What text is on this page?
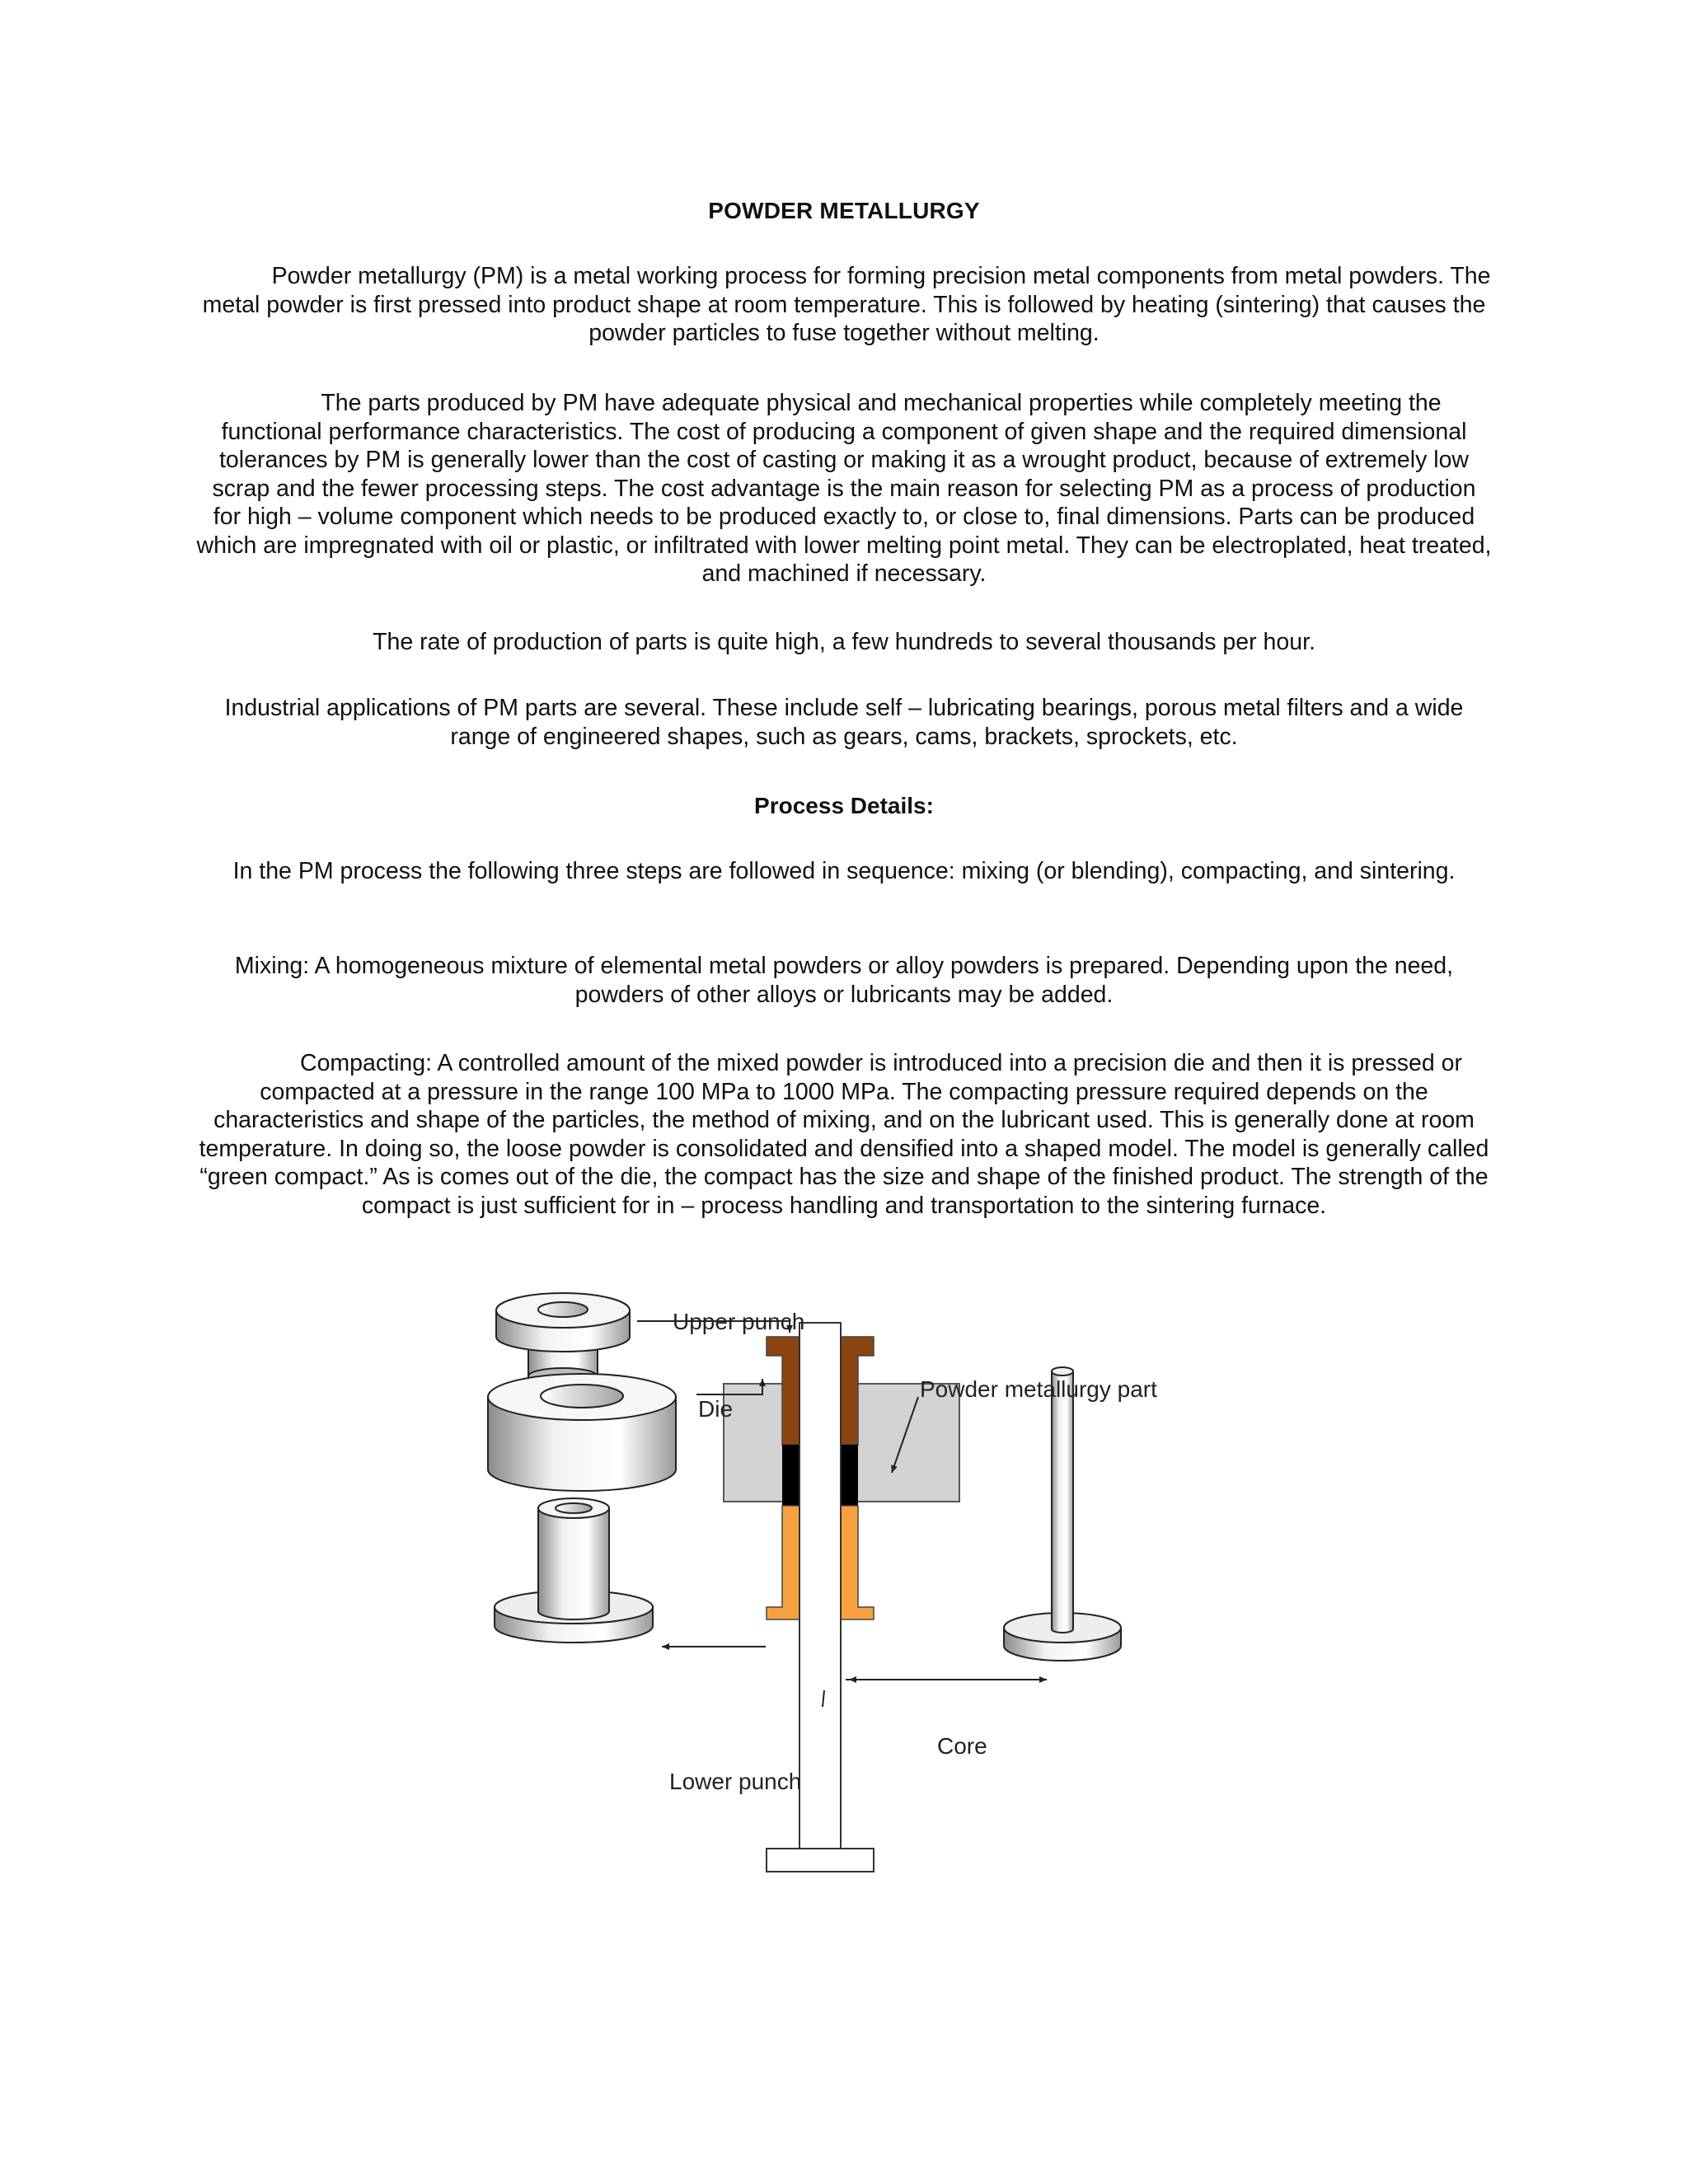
POWDER METALLURGY
Powder metallurgy (PM) is a metal working process for forming precision metal components from metal powders. The metal powder is first pressed into product shape at room temperature. This is followed by heating (sintering) that causes the powder particles to fuse together without melting.
The parts produced by PM have adequate physical and mechanical properties while completely meeting the functional performance characteristics. The cost of producing a component of given shape and the required dimensional tolerances by PM is generally lower than the cost of casting or making it as a wrought product, because of extremely low scrap and the fewer processing steps. The cost advantage is the main reason for selecting PM as a process of production for high – volume component which needs to be produced exactly to, or close to, final dimensions. Parts can be produced which are impregnated with oil or plastic, or infiltrated with lower melting point metal. They can be electroplated, heat treated, and machined if necessary.
The rate of production of parts is quite high, a few hundreds to several thousands per hour.
Industrial applications of PM parts are several. These include self – lubricating bearings, porous metal filters and a wide range of engineered shapes, such as gears, cams, brackets, sprockets, etc.
Process Details:
In the PM process the following three steps are followed in sequence: mixing (or blending), compacting, and sintering.
Mixing: A homogeneous mixture of elemental metal powders or alloy powders is prepared. Depending upon the need, powders of other alloys or lubricants may be added.
Compacting: A controlled amount of the mixed powder is introduced into a precision die and then it is pressed or compacted at a pressure in the range 100 MPa to 1000 MPa. The compacting pressure required depends on the characteristics and shape of the particles, the method of mixing, and on the lubricant used. This is generally done at room temperature. In doing so, the loose powder is consolidated and densified into a shaped model. The model is generally called “green compact.” As is comes out of the die, the compact has the size and shape of the finished product. The strength of the compact is just sufficient for in – process handling and transportation to the sintering furnace.
Upper punch
Powder metallurgy part
Die
Core
Lower punch
